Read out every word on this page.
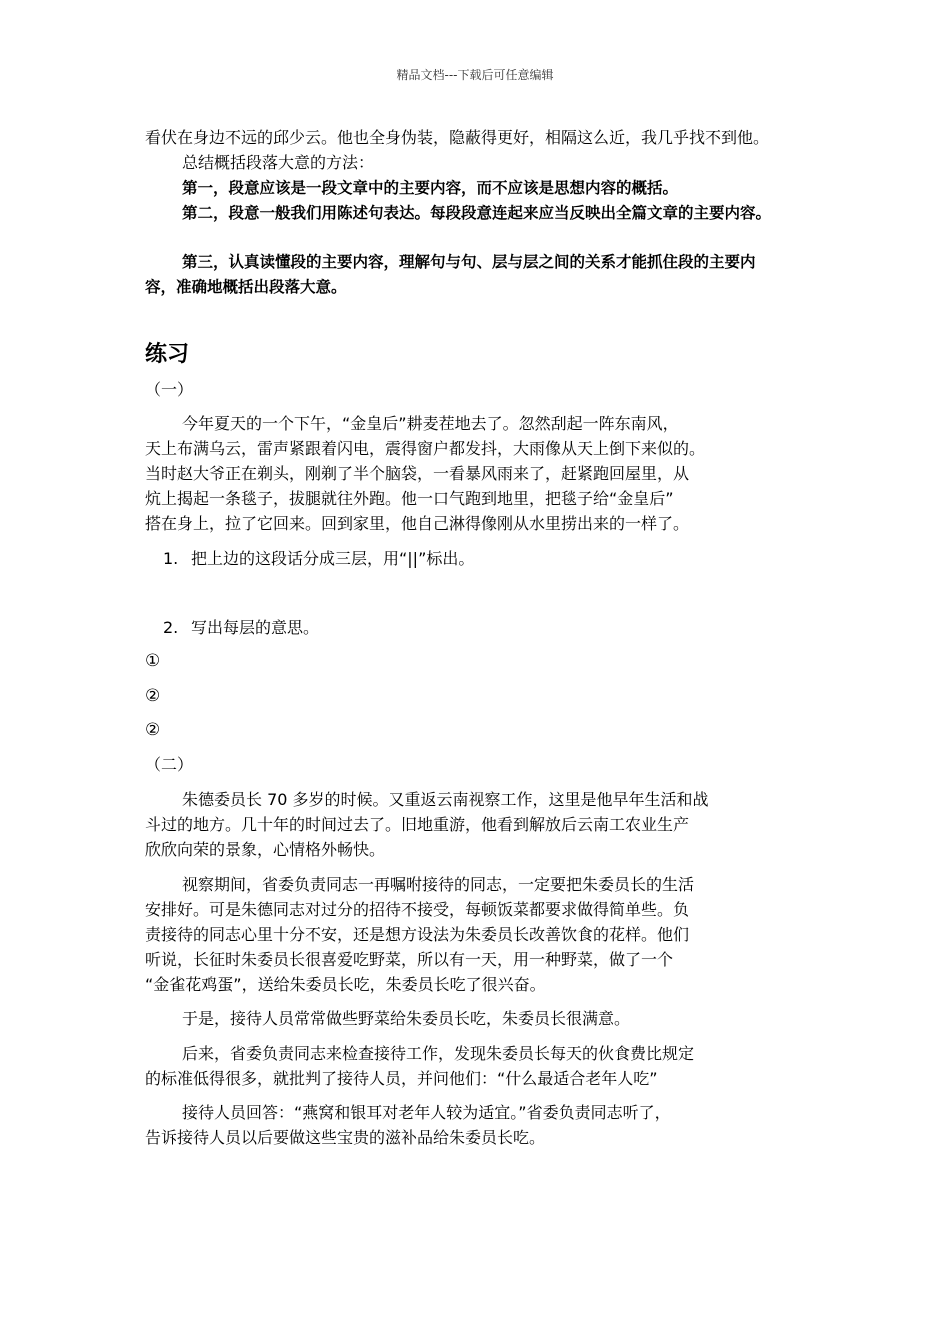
精品文档---下载后可任意编辑
看伏在身边不远的邱少云。他也全身伪装，隐蔽得更好，相隔这么近，我几乎找不到他。
总结概括段落大意的方法：
第一，段意应该是一段文章中的主要内容，而不应该是思想内容的概括。
第二，段意一般我们用陈述句表达。每段段意连起来应当反映出全篇文章的主要内容。
第三，认真读懂段的主要内容，理解句与句、层与层之间的关系才能抓住段的主要内
容，准确地概括出段落大意。
练习
（一）
今年夏天的一个下午，“金皇后”耕麦茬地去了。忽然刮起一阵东南风，
天上布满乌云，雷声紧跟着闪电，震得窗户都发抖，大雨像从天上倒下来似的。
当时赵大爷正在剃头，刚剃了半个脑袋，一看暴风雨来了，赶紧跑回屋里，从
炕上揭起一条毯子，拔腿就往外跑。他一口气跑到地里，把毯子给“金皇后”
搭在身上，拉了它回来。回到家里，他自己淋得像刚从水里捞出来的一样了。
1. 把上边的这段话分成三层，用“||”标出。
2. 写出每层的意思。
①
②
②
（二）
朱德委员长 70 多岁的时候。又重返云南视察工作，这里是他早年生活和战
斗过的地方。几十年的时间过去了。旧地重游，他看到解放后云南工农业生产
欣欣向荣的景象，心情格外畅快。
视察期间，省委负责同志一再嘱咐接待的同志，一定要把朱委员长的生活
安排好。可是朱德同志对过分的招待不接受，每顿饭菜都要求做得简单些。负
责接待的同志心里十分不安，还是想方设法为朱委员长改善饮食的花样。他们
听说，长征时朱委员长很喜爱吃野菜，所以有一天，用一种野菜，做了一个
“金雀花鸡蛋”，送给朱委员长吃，朱委员长吃了很兴奋。
于是，接待人员常常做些野菜给朱委员长吃，朱委员长很满意。
后来，省委负责同志来检查接待工作，发现朱委员长每天的伙食费比规定
的标准低得很多，就批判了接待人员，并问他们：“什么最适合老年人吃”
接待人员回答：“燕窝和银耳对老年人较为适宜。”省委负责同志听了，
告诉接待人员以后要做这些宝贵的滋补品给朱委员长吃。
